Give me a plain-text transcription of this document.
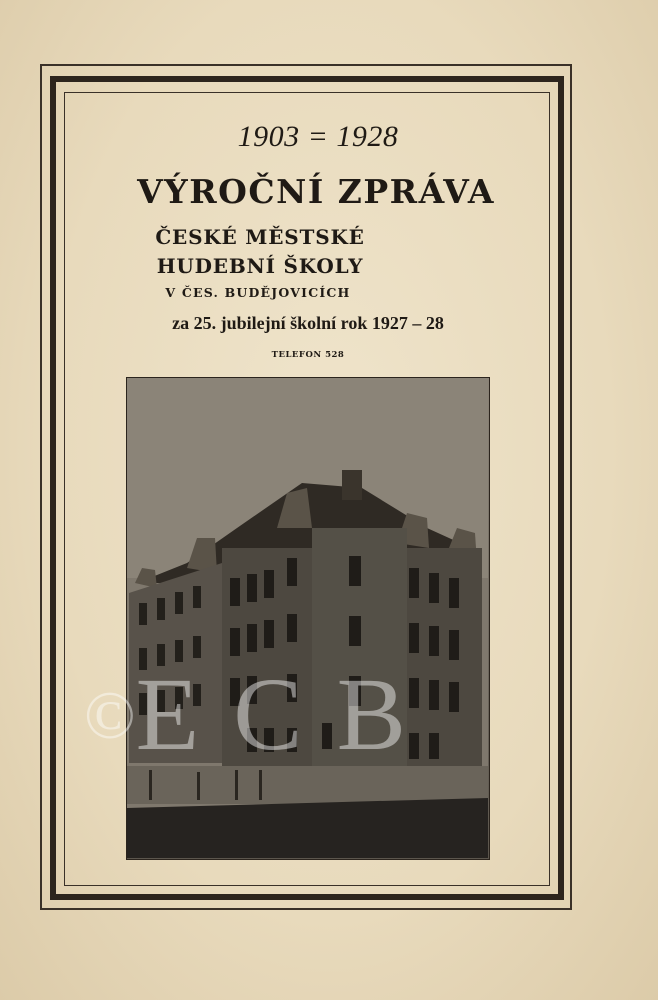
1903 = 1928
VÝROČNÍ ZPRÁVA
ČESKÉ MĚSTSKÉ
HUDEBNÍ ŠKOLY
V ČES. BUDĚJOVICÍCH
za 25. jubilejní školní rok 1927 – 28
TELEFON 528
©ECB
